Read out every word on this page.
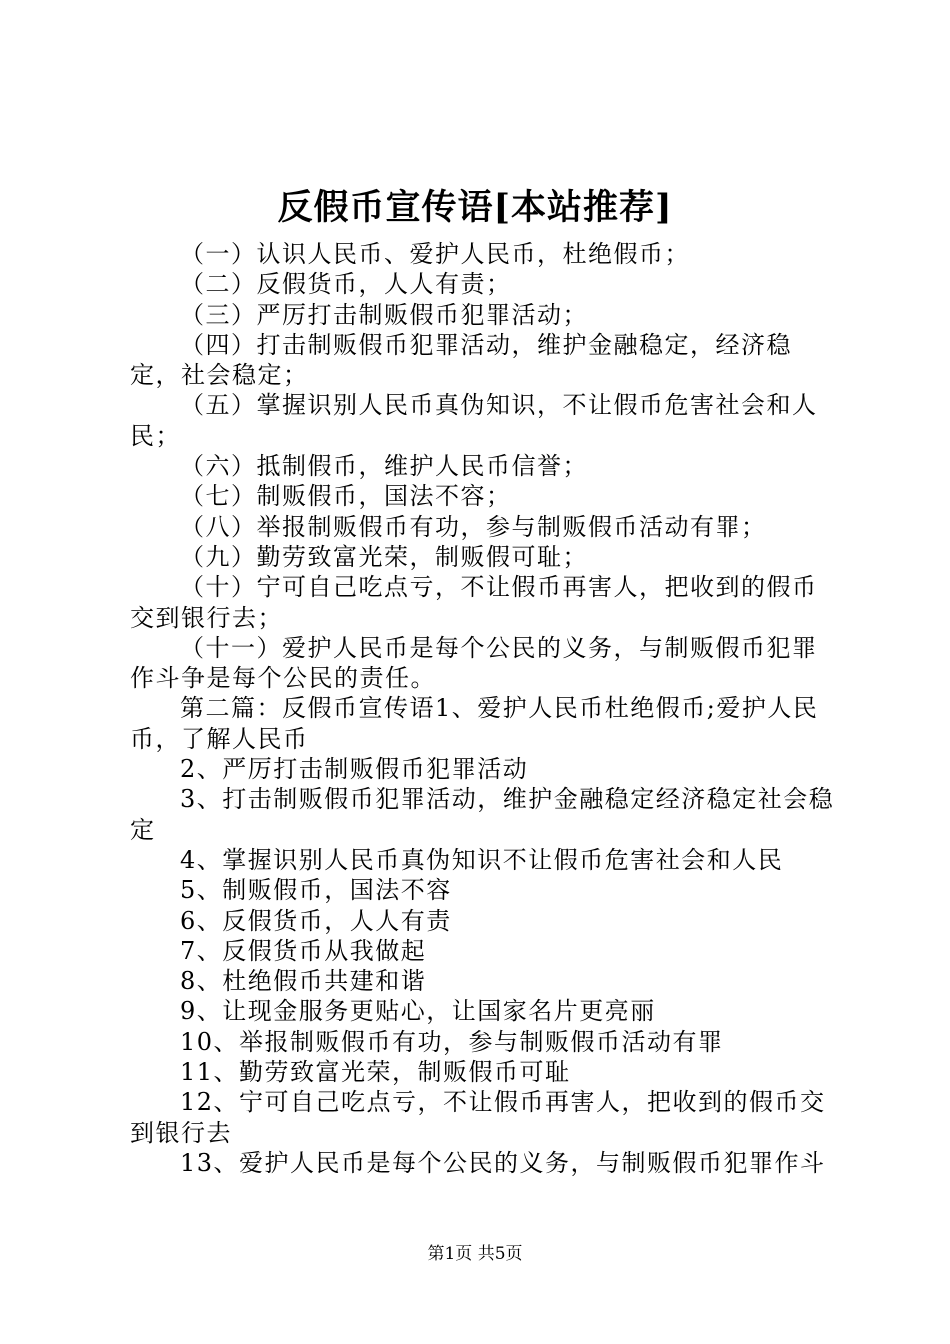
反假币宣传语[本站推荐]

（一）认识人民币、爱护人民币，杜绝假币；

（二）反假货币，人人有责；

（三）严厉打击制贩假币犯罪活动；

（四）打击制贩假币犯罪活动，维护金融稳定，经济稳定，社会稳定；

（五）掌握识别人民币真伪知识，不让假币危害社会和人民；

（六）抵制假币，维护人民币信誉；

（七）制贩假币，国法不容；

（八）举报制贩假币有功，参与制贩假币活动有罪；

（九）勤劳致富光荣，制贩假可耻；

（十）宁可自己吃点亏，不让假币再害人，把收到的假币交到银行去；

（十一）爱护人民币是每个公民的义务，与制贩假币犯罪作斗争是每个公民的责任。

第二篇：反假币宣传语1、爱护人民币杜绝假币;爱护人民币，了解人民币

2、严厉打击制贩假币犯罪活动

3、打击制贩假币犯罪活动，维护金融稳定经济稳定社会稳定

4、掌握识别人民币真伪知识不让假币危害社会和人民

5、制贩假币，国法不容

6、反假货币，人人有责

7、反假货币从我做起

8、杜绝假币共建和谐

9、让现金服务更贴心，让国家名片更亮丽

10、举报制贩假币有功，参与制贩假币活动有罪

11、勤劳致富光荣，制贩假币可耻

12、宁可自己吃点亏，不让假币再害人，把收到的假币交到银行去

13、爱护人民币是每个公民的义务，与制贩假币犯罪作斗

第1页 共5页
